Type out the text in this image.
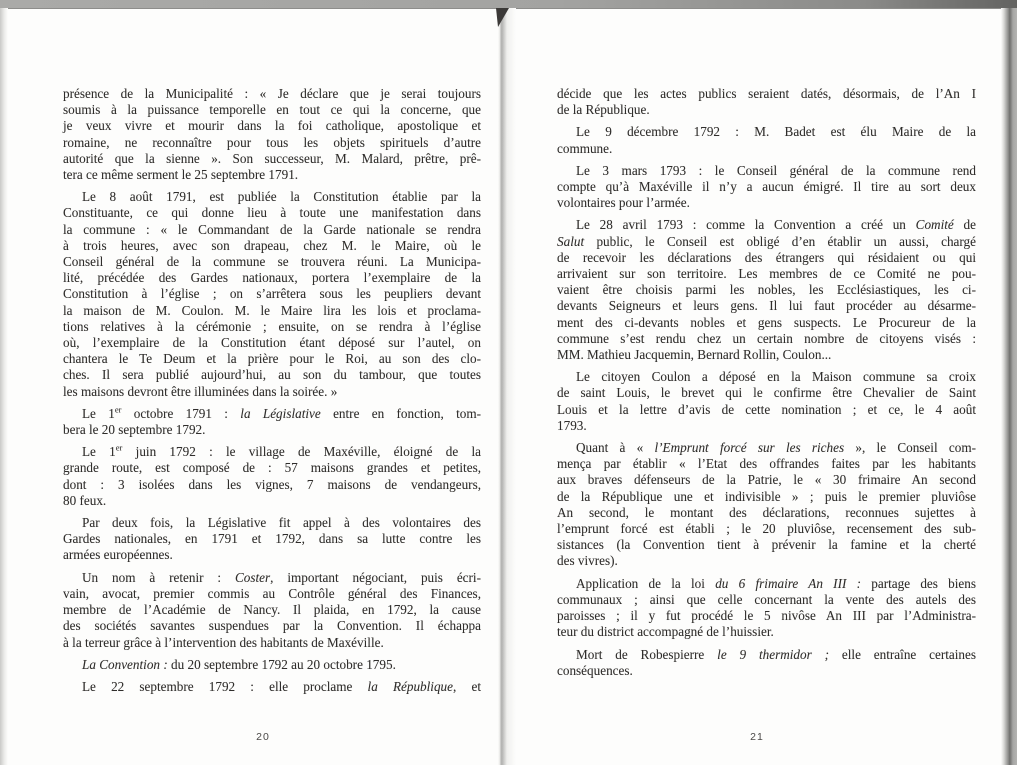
présence de la Municipalité : « Je déclare que je serai toujours
soumis à la puissance temporelle en tout ce qui la concerne, que
je veux vivre et mourir dans la foi catholique, apostolique et
romaine, ne reconnaître pour tous les objets spirituels d’autre
autorité que la sienne ». Son successeur, M. Malard, prêtre, prê-
tera ce même serment le 25 septembre 1791.
Le 8 août 1791, est publiée la Constitution établie par la
Constituante, ce qui donne lieu à toute une manifestation dans
la commune : « le Commandant de la Garde nationale se rendra
à trois heures, avec son drapeau, chez M. le Maire, où le
Conseil général de la commune se trouvera réuni. La Municipa-
lité, précédée des Gardes nationaux, portera l’exemplaire de la
Constitution à l’église ; on s’arrêtera sous les peupliers devant
la maison de M. Coulon. M. le Maire lira les lois et proclama-
tions relatives à la cérémonie ; ensuite, on se rendra à l’église
où, l’exemplaire de la Constitution étant déposé sur l’autel, on
chantera le Te Deum et la prière pour le Roi, au son des clo-
ches. Il sera publié aujourd’hui, au son du tambour, que toutes
les maisons devront être illuminées dans la soirée. »
Le 1er octobre 1791 : la Législative entre en fonction, tom-
bera le 20 septembre 1792.
Le 1er juin 1792 : le village de Maxéville, éloigné de la
grande route, est composé de : 57 maisons grandes et petites,
dont : 3 isolées dans les vignes, 7 maisons de vendangeurs,
80 feux.
Par deux fois, la Législative fit appel à des volontaires des
Gardes nationales, en 1791 et 1792, dans sa lutte contre les
armées européennes.
Un nom à retenir : Coster, important négociant, puis écri-
vain, avocat, premier commis au Contrôle général des Finances,
membre de l’Académie de Nancy. Il plaida, en 1792, la cause
des sociétés savantes suspendues par la Convention. Il échappa
à la terreur grâce à l’intervention des habitants de Maxéville.
La Convention : du 20 septembre 1792 au 20 octobre 1795.
Le 22 septembre 1792 : elle proclame la République, et
décide que les actes publics seraient datés, désormais, de l’An I
de la République.
Le 9 décembre 1792 : M. Badet est élu Maire de la
commune.
Le 3 mars 1793 : le Conseil général de la commune rend
compte qu’à Maxéville il n’y a aucun émigré. Il tire au sort deux
volontaires pour l’armée.
Le 28 avril 1793 : comme la Convention a créé un Comité de
Salut public, le Conseil est obligé d’en établir un aussi, chargé
de recevoir les déclarations des étrangers qui résidaient ou qui
arrivaient sur son territoire. Les membres de ce Comité ne pou-
vaient être choisis parmi les nobles, les Ecclésiastiques, les ci-
devants Seigneurs et leurs gens. Il lui faut procéder au désarme-
ment des ci-devants nobles et gens suspects. Le Procureur de la
commune s’est rendu chez un certain nombre de citoyens visés :
MM. Mathieu Jacquemin, Bernard Rollin, Coulon...
Le citoyen Coulon a déposé en la Maison commune sa croix
de saint Louis, le brevet qui le confirme être Chevalier de Saint
Louis et la lettre d’avis de cette nomination ; et ce, le 4 août
1793.
Quant à « l’Emprunt forcé sur les riches », le Conseil com-
mença par établir « l’Etat des offrandes faites par les habitants
aux braves défenseurs de la Patrie, le « 30 frimaire An second
de la République une et indivisible » ; puis le premier pluviôse
An second, le montant des déclarations, reconnues sujettes à
l’emprunt forcé est établi ; le 20 pluviôse, recensement des sub-
sistances (la Convention tient à prévenir la famine et la cherté
des vivres).
Application de la loi du 6 frimaire An III : partage des biens
communaux ; ainsi que celle concernant la vente des autels des
paroisses ; il y fut procédé le 5 nivôse An III par l’Administra-
teur du district accompagné de l’huissier.
Mort de Robespierre le 9 thermidor ; elle entraîne certaines
conséquences.
20	21
